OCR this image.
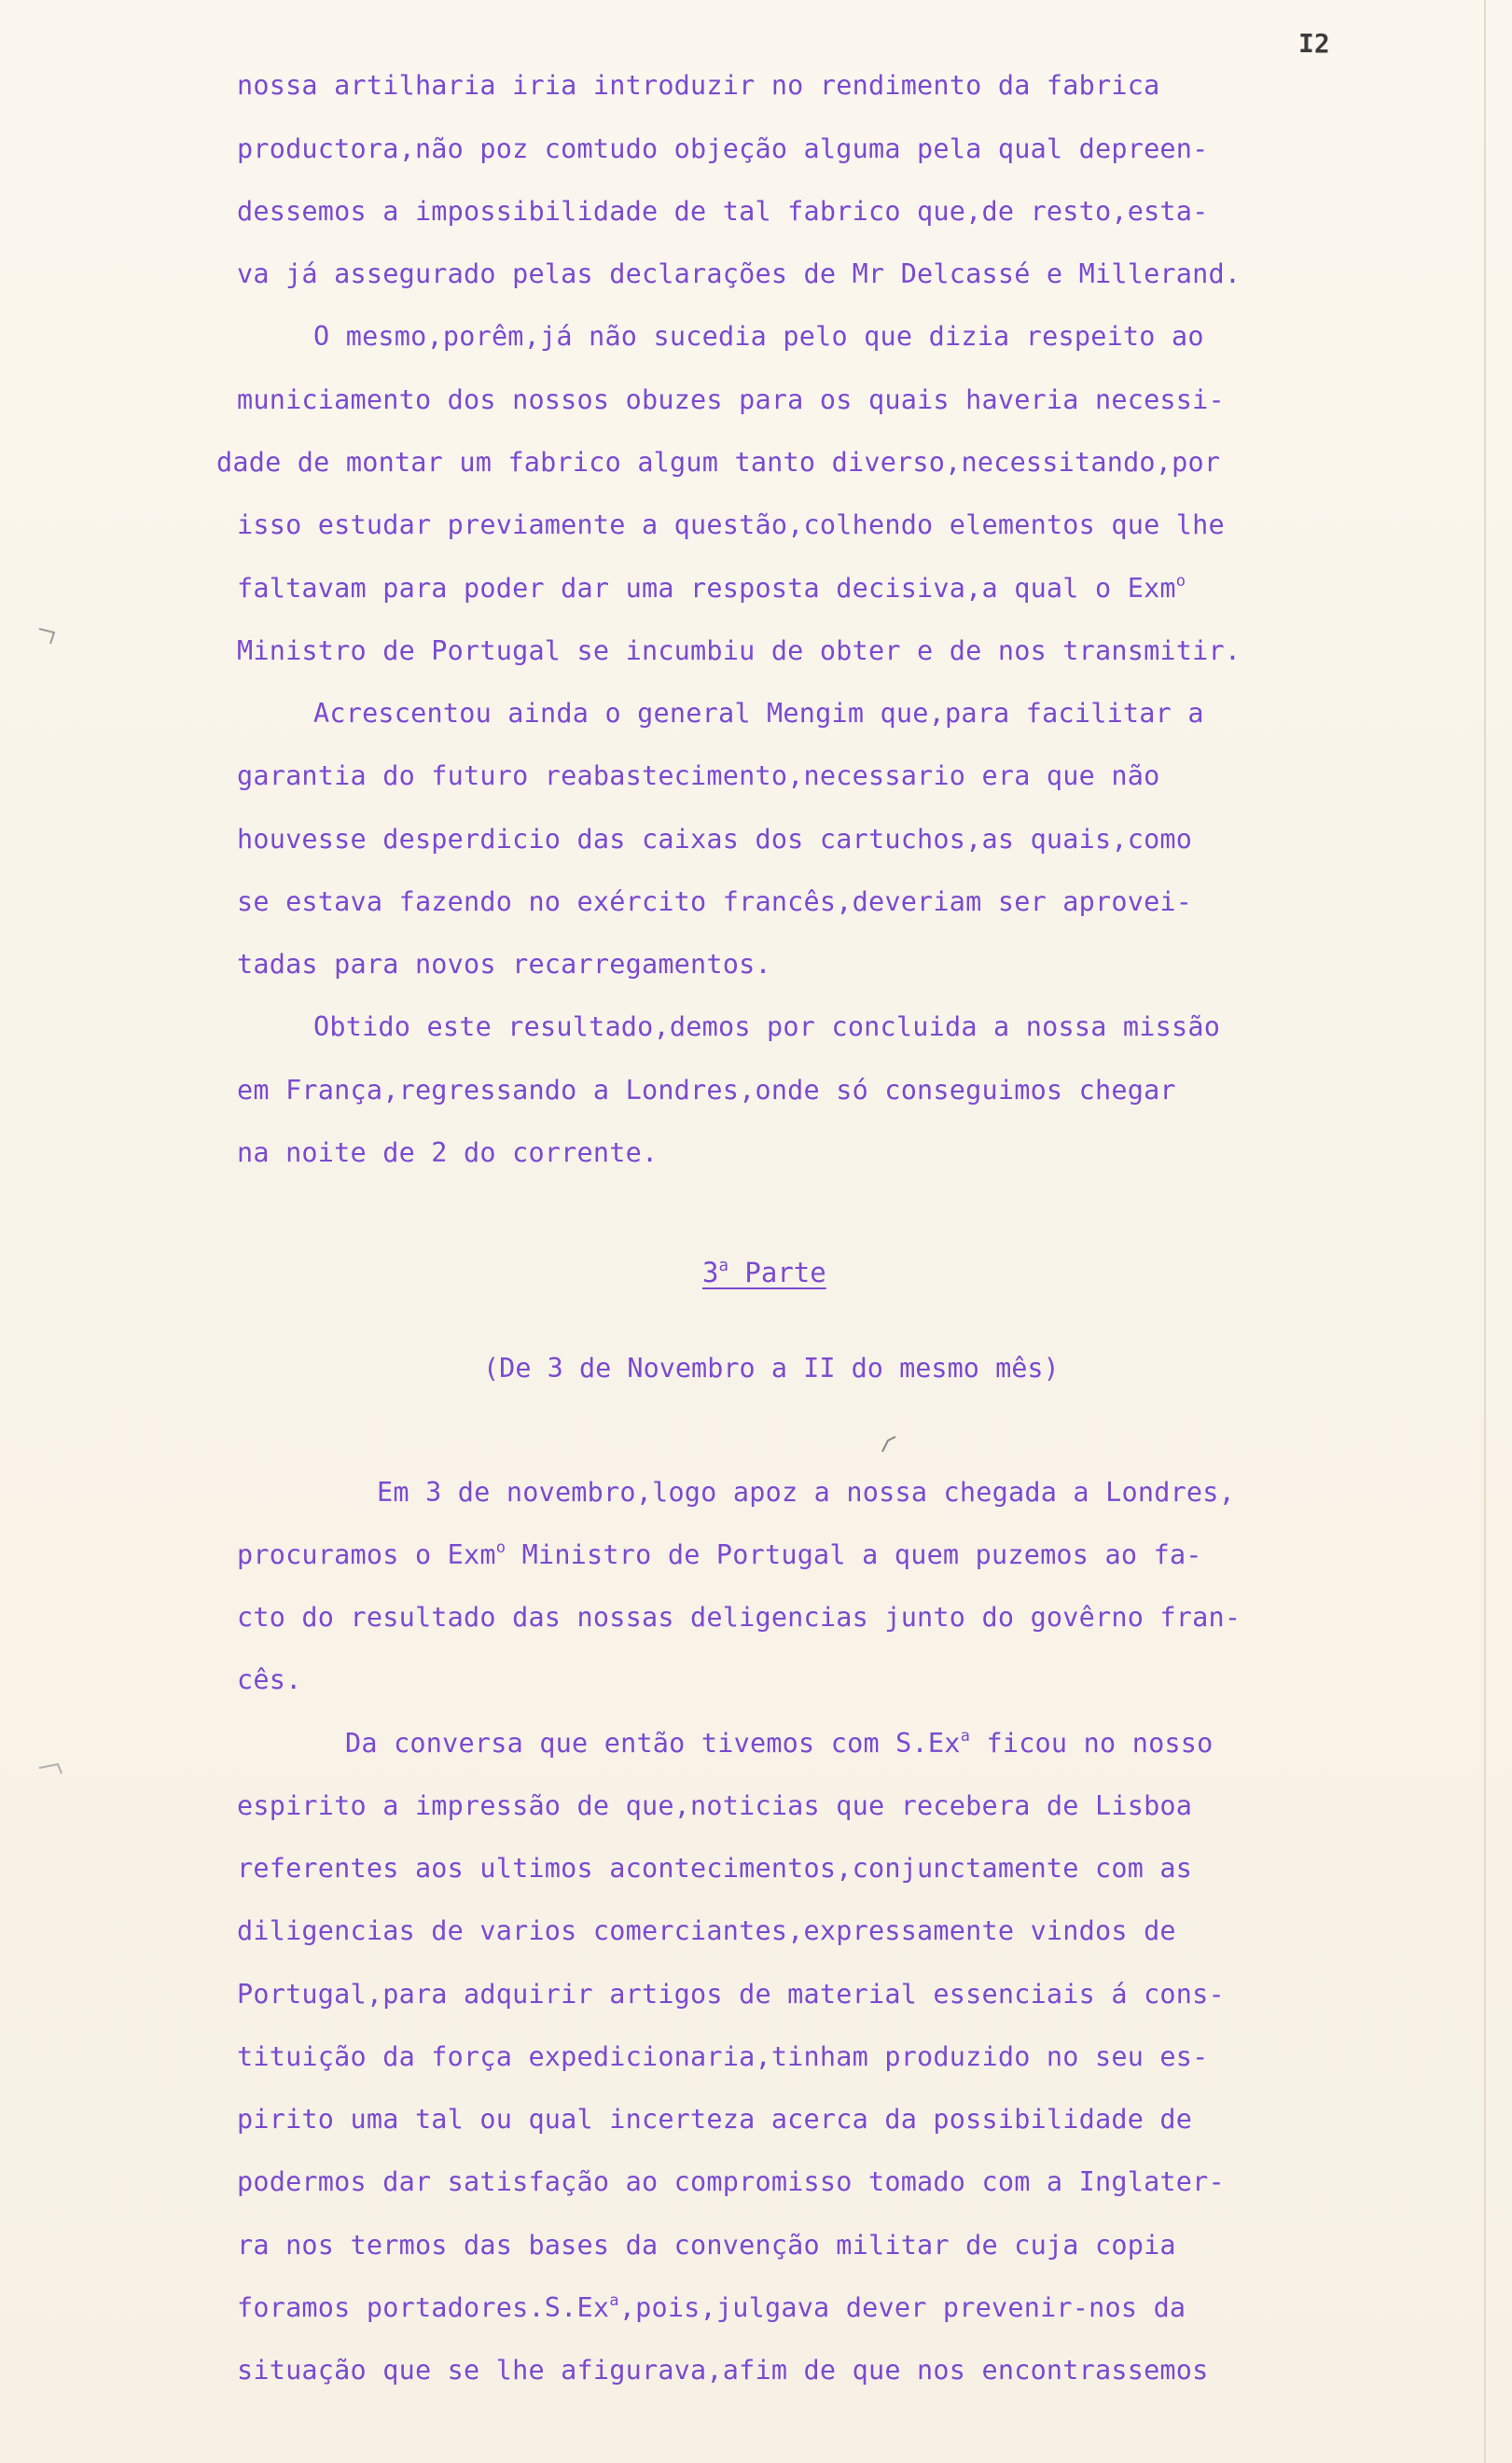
I2
nossa artilharia iria introduzir no rendimento da fabrica
productora,não poz comtudo objeção alguma pela qual depreen-
dessemos a impossibilidade de tal fabrico que,de resto,esta-
va já assegurado pelas declarações de Mr Delcassé e Millerand.
O mesmo,porêm,já não sucedia pelo que dizia respeito ao
municiamento dos nossos obuzes para os quais haveria necessi-
dade de montar um fabrico algum tanto diverso,necessitando,por
isso estudar previamente a questão,colhendo elementos que lhe
faltavam para poder dar uma resposta decisiva,a qual o Exm$^o$
Ministro de Portugal se incumbiu de obter e de nos transmitir.
Acrescentou ainda o general Mengim que,para facilitar a
garantia do futuro reabastecimento,necessario era que não
houvesse desperdicio das caixas dos cartuchos,as quais,como
se estava fazendo no exército francês,deveriam ser aprovei-
tadas para novos recarregamentos.
Obtido este resultado,demos por concluida a nossa missão
em França,regressando a Londres,onde só conseguimos chegar
na noite de 2 do corrente.
3$^a$ Parte
(De 3 de Novembro a II do mesmo mês)
Em 3 de novembro,logo apoz a nossa chegada a Londres,
procuramos o Exm$^o$ Ministro de Portugal a quem puzemos ao fa-
cto do resultado das nossas deligencias junto do govêrno fran-
cês.
Da conversa que então tivemos com S.Ex$^a$ ficou no nosso
espirito a impressão de que,noticias que recebera de Lisboa
referentes aos ultimos acontecimentos,conjunctamente com as
diligencias de varios comerciantes,expressamente vindos de
Portugal,para adquirir artigos de material essenciais á cons-
tituição da força expedicionaria,tinham produzido no seu es-
pirito uma tal ou qual incerteza acerca da possibilidade de
podermos dar satisfação ao compromisso tomado com a Inglater-
ra nos termos das bases da convenção militar de cuja copia
foramos portadores.S.Ex$^a$,pois,julgava dever prevenir-nos da
situação que se lhe afigurava,afim de que nos encontrassemos
